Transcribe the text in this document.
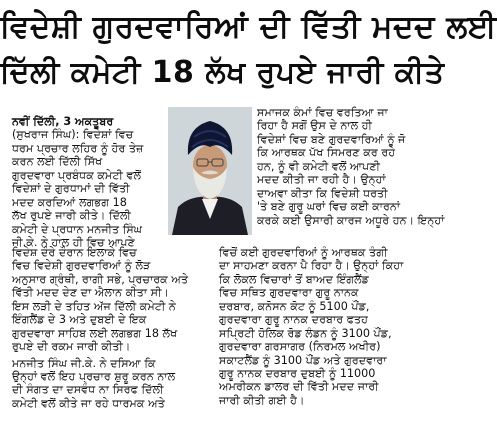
ਵਿਦੇਸ਼ੀ ਗੁਰਦਵਾਰਿਆਂ ਦੀ ਵਿੱਤੀ ਮਦਦ ਲਈ
ਦਿੱਲੀ ਕਮੇਟੀ 18 ਲੱਖ ਰੁਪਏ ਜਾਰੀ ਕੀਤੇ
ਨਵੀਂ ਦਿੱਲੀ, 3 ਅਕਤੂਬਰ
(ਸੁਖਰਾਜ ਸਿੰਘ): ਵਿਦੇਸ਼ਾਂ ਵਿਚ
ਧਰਮ ਪ੍ਰਚਾਰ ਲਹਿਰ ਨੂੰ ਹੋਰ ਤੇਜ਼
ਕਰਨ ਲਈ ਦਿੱਲੀ ਸਿੱਖ
ਗੁਰਦਵਾਰਾ ਪ੍ਰਬੰਧਕ ਕਮੇਟੀ ਵਲੋਂ
ਵਿਦੇਸ਼ਾਂ ਦੇ ਗੁਰਧਾਮਾਂ ਦੀ ਵਿੱਤੀ
ਮਦਦ ਕਰਦਿਆਂ ਲਗਭਗ 18
ਲੱਖ ਰੁਪਏ ਜਾਰੀ ਕੀਤੇ। ਦਿੱਲੀ
ਕਮੇਟੀ ਦੇ ਪ੍ਰਧਾਨ ਮਨਜੀਤ ਸਿੰਘ
ਜੀ.ਕੇ. ਨੇ ਹਾਲ ਹੀ ਵਿਚ ਆਪਣੇ
ਸਮਾਜਕ ਕੰਮਾਂ ਵਿਚ ਵਰਤਿਆ ਜਾ
ਰਿਹਾ ਹੈ ਸਗੋਂ ਉਸ ਦੇ ਨਾਲ ਹੀ
ਵਿਦੇਸ਼ਾਂ ਵਿਚ ਬਣੇ ਗੁਰਦਵਾਰਿਆਂ ਨੂੰ ਜੋ
ਕਿ ਆਰਥਕ ਪੱਖ ਸਿਮਰਣ ਕਰ ਰਹੇ
ਹਨ, ਨੂੰ ਵੀ ਕਮੇਟੀ ਵਲੋਂ ਆਪਣੀ
ਮਦਦ ਕੀਤੀ ਜਾ ਰਹੀ ਹੈ। ਉਨ੍ਹਾਂ
ਦਾਅਵਾ ਕੀਤਾ ਕਿ ਵਿਦੇਸ਼ੀ ਧਰਤੀ
'ਤੇ ਬਣੇ ਗੁਰੂ ਘਰਾਂ ਵਿਚ ਕਈ ਕਾਰਨਾਂ
ਕਰਕੇ ਕਈ ਉਸਾਰੀ ਕਾਰਜ ਅਧੂਰੇ ਹਨ। ਇਨ੍ਹਾਂ
ਵਿਦੇਸ਼ ਦੌਰੇ ਦੌਰਾਨ ਇਲਾਕੇ ਵਿਚ
ਵਿਚ ਵਿਦੇਸ਼ੀ ਗੁਰਦਵਾਰਿਆਂ ਨੂੰ ਲੋੜ
ਅਨੁਸਾਰ ਗ੍ਰੰਥੀ, ਰਾਗੀ ਸਭੇ, ਪ੍ਰਚਾਰਕ ਅਤੇ
ਵਿੱਤੀ ਮਦਦ ਦੇਣ ਦਾ ਐਲਾਨ ਕੀਤਾ ਸੀ।
ਇਸ ਲੜੀ ਦੇ ਤਹਿਤ ਅੱਜ ਦਿੱਲੀ ਕਮੇਟੀ ਨੇ
ਇੰਗਲੈਂਡ ਦੇ 3 ਅਤੇ ਦੁਬਈ ਦੇ ਇਕ
ਗੁਰਦਵਾਰਾ ਸਾਹਿਬ ਲਈ ਲਗਭਗ 18 ਲੱਖ
ਰੁਪਏ ਦੀ ਰਕਮ ਜਾਰੀ ਕੀਤੀ।
ਮਨਜੀਤ ਸਿੰਘ ਜੀ.ਕੇ. ਨੇ ਦਸਿਆ ਕਿ
ਉਨ੍ਹਾਂ ਵਲੋਂ ਇਹ ਪ੍ਰਚਾਰ ਸ਼ੁਰੂ ਕਰਨ ਨਾਲ
ਦੀ ਸੰਗਤ ਦਾ ਦਸਵੰਧ ਨਾ ਸਿਰਫ ਦਿੱਲੀ
ਕਮੇਟੀ ਵਲੋਂ ਕੀਤੇ ਜਾ ਰਹੇ ਧਾਰਮਕ ਅਤੇ
ਵਿਚੋਂ ਕਈ ਗੁਰਦਵਾਰਿਆਂ ਨੂੰ ਆਰਥਕ ਤੰਗੀ
ਦਾ ਸਾਹਮਣਾ ਕਰਨਾ ਪੈ ਰਿਹਾ ਹੈ। ਉਨ੍ਹਾਂ ਕਿਹਾ
ਕਿ ਲੋਕਲ ਵਿਚਾਰਾਂ ਤੋਂ ਬਾਅਦ ਇੰਗਲੈਂਡ
ਵਿਚ ਸਥਿਤ ਗੁਰਦਵਾਰਾ ਗੁਰੂ ਨਾਨਕ
ਦਰਬਾਰ, ਕਨੋਸਨ ਕੋਟ ਨੂੰ 5100 ਪੌਂਡ,
ਗੁਰਦਵਾਰਾ ਗੁਰੂ ਨਾਨਕ ਦਰਬਾਰ ਫਤਹ
ਸਪ੍ਰਿਟੀ ਹੋਲਿਕ ਰੋਡ ਲੰਡਨ ਨੂੰ 3100 ਪੌਂਡ,
ਗੁਰਦਵਾਰਾ ਗਰਸਾਗਰ (ਨਿਰਮਲ ਅਖੀਰ)
ਸਕਾਟਲੈਂਡ ਨੂੰ 3100 ਪੌਂਡ ਅਤੇ ਗੁਰਦਵਾਰਾ
ਗੁਰੂ ਨਾਨਕ ਦਰਬਾਰ ਦੁਬਈ ਨੂੰ 11000
ਅਮਰੀਕਨ ਡਾਲਰ ਦੀ ਵਿੱਤੀ ਮਦਦ ਜਾਰੀ
ਜਾਰੀ ਕੀਤੀ ਗਈ ਹੈ।
